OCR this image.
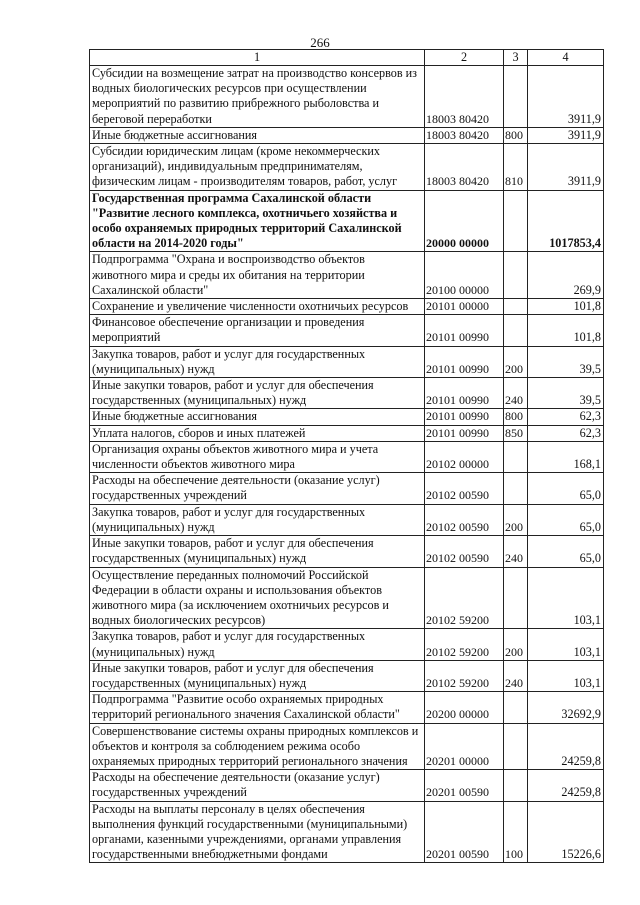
266
1	2	3	4
Субсидии на возмещение затрат на производство консервов из водных биологических ресурсов при осуществлении мероприятий по развитию прибрежного рыболовства и береговой переработки	18003 80420		3911,9
Иные бюджетные ассигнования	18003 80420	800	3911,9
Субсидии юридическим лицам (кроме некоммерческих организаций), индивидуальным предпринимателям, физическим лицам - производителям товаров, работ, услуг	18003 80420	810	3911,9
Государственная программа Сахалинской области "Развитие лесного комплекса, охотничьего хозяйства и особо охраняемых природных территорий Сахалинской области на 2014-2020 годы"	20000 00000		1017853,4
Подпрограмма "Охрана и воспроизводство объектов животного мира и среды их обитания на территории Сахалинской области"	20100 00000		269,9
Сохранение и увеличение численности охотничьих ресурсов	20101 00000		101,8
Финансовое обеспечение организации и проведения мероприятий	20101 00990		101,8
Закупка товаров, работ и услуг для государственных (муниципальных) нужд	20101 00990	200	39,5
Иные закупки товаров, работ и услуг для обеспечения государственных (муниципальных) нужд	20101 00990	240	39,5
Иные бюджетные ассигнования	20101 00990	800	62,3
Уплата налогов, сборов и иных платежей	20101 00990	850	62,3
Организация охраны объектов животного мира и учета численности объектов животного мира	20102 00000		168,1
Расходы на обеспечение деятельности (оказание услуг) государственных учреждений	20102 00590		65,0
Закупка товаров, работ и услуг для государственных (муниципальных) нужд	20102 00590	200	65,0
Иные закупки товаров, работ и услуг для обеспечения государственных (муниципальных) нужд	20102 00590	240	65,0
Осуществление переданных полномочий Российской Федерации в области охраны и использования объектов животного мира (за исключением охотничьих ресурсов и водных биологических ресурсов)	20102 59200		103,1
Закупка товаров, работ и услуг для государственных (муниципальных) нужд	20102 59200	200	103,1
Иные закупки товаров, работ и услуг для обеспечения государственных (муниципальных) нужд	20102 59200	240	103,1
Подпрограмма "Развитие особо охраняемых природных территорий регионального значения Сахалинской области"	20200 00000		32692,9
Совершенствование системы охраны природных комплексов и объектов и контроля за соблюдением режима особо охраняемых природных территорий регионального значения	20201 00000		24259,8
Расходы на обеспечение деятельности (оказание услуг) государственных учреждений	20201 00590		24259,8
Расходы на выплаты персоналу в целях обеспечения выполнения функций государственными (муниципальными) органами, казенными учреждениями, органами управления государственными внебюджетными фондами	20201 00590	100	15226,6
